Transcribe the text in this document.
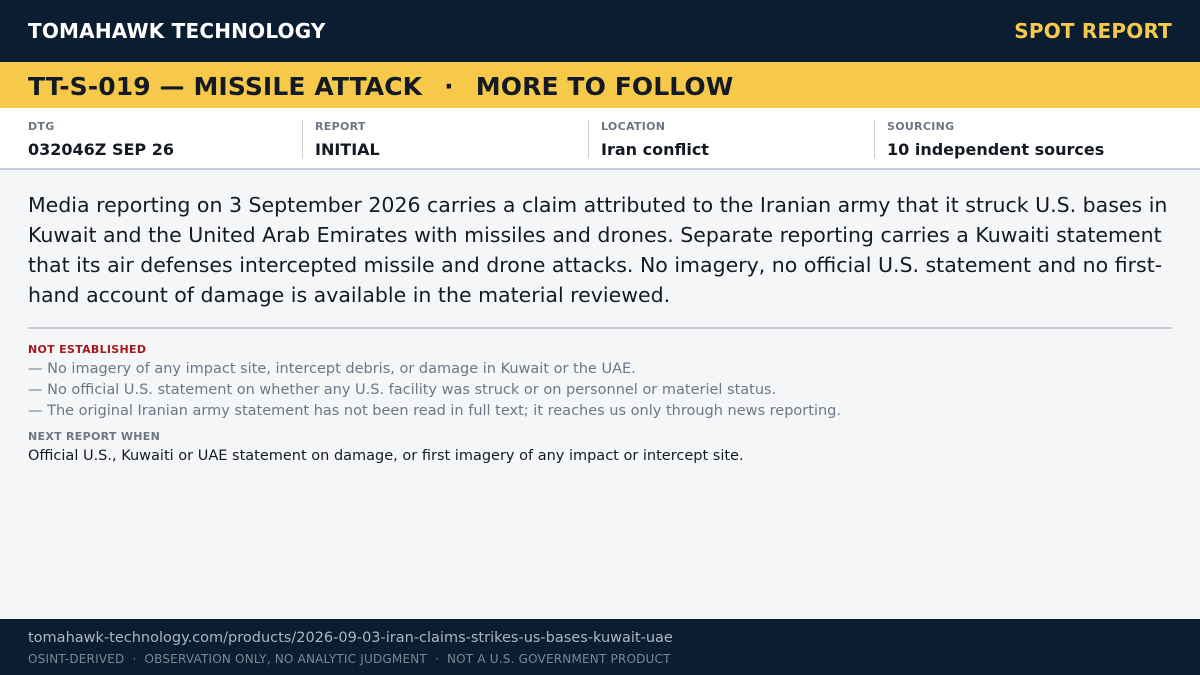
TOMAHAWK TECHNOLOGY	SPOT REPORT
TT-S-019 — MISSILE ATTACK · MORE TO FOLLOW
DTG
032046Z SEP 26
REPORT
INITIAL
LOCATION
Iran conflict
SOURCING
10 independent sources

Media reporting on 3 September 2026 carries a claim attributed to the Iranian army that it struck U.S. bases in Kuwait and the United Arab Emirates with missiles and drones. Separate reporting carries a Kuwaiti statement that its air defenses intercepted missile and drone attacks. No imagery, no official U.S. statement and no first-hand account of damage is available in the material reviewed.

NOT ESTABLISHED
— No imagery of any impact site, intercept debris, or damage in Kuwait or the UAE.
— No official U.S. statement on whether any U.S. facility was struck or on personnel or materiel status.
— The original Iranian army statement has not been read in full text; it reaches us only through news reporting.
NEXT REPORT WHEN
Official U.S., Kuwaiti or UAE statement on damage, or first imagery of any impact or intercept site.
tomahawk-technology.com/products/2026-09-03-iran-claims-strikes-us-bases-kuwait-uae
OSINT-DERIVED · OBSERVATION ONLY, NO ANALYTIC JUDGMENT · NOT A U.S. GOVERNMENT PRODUCT
